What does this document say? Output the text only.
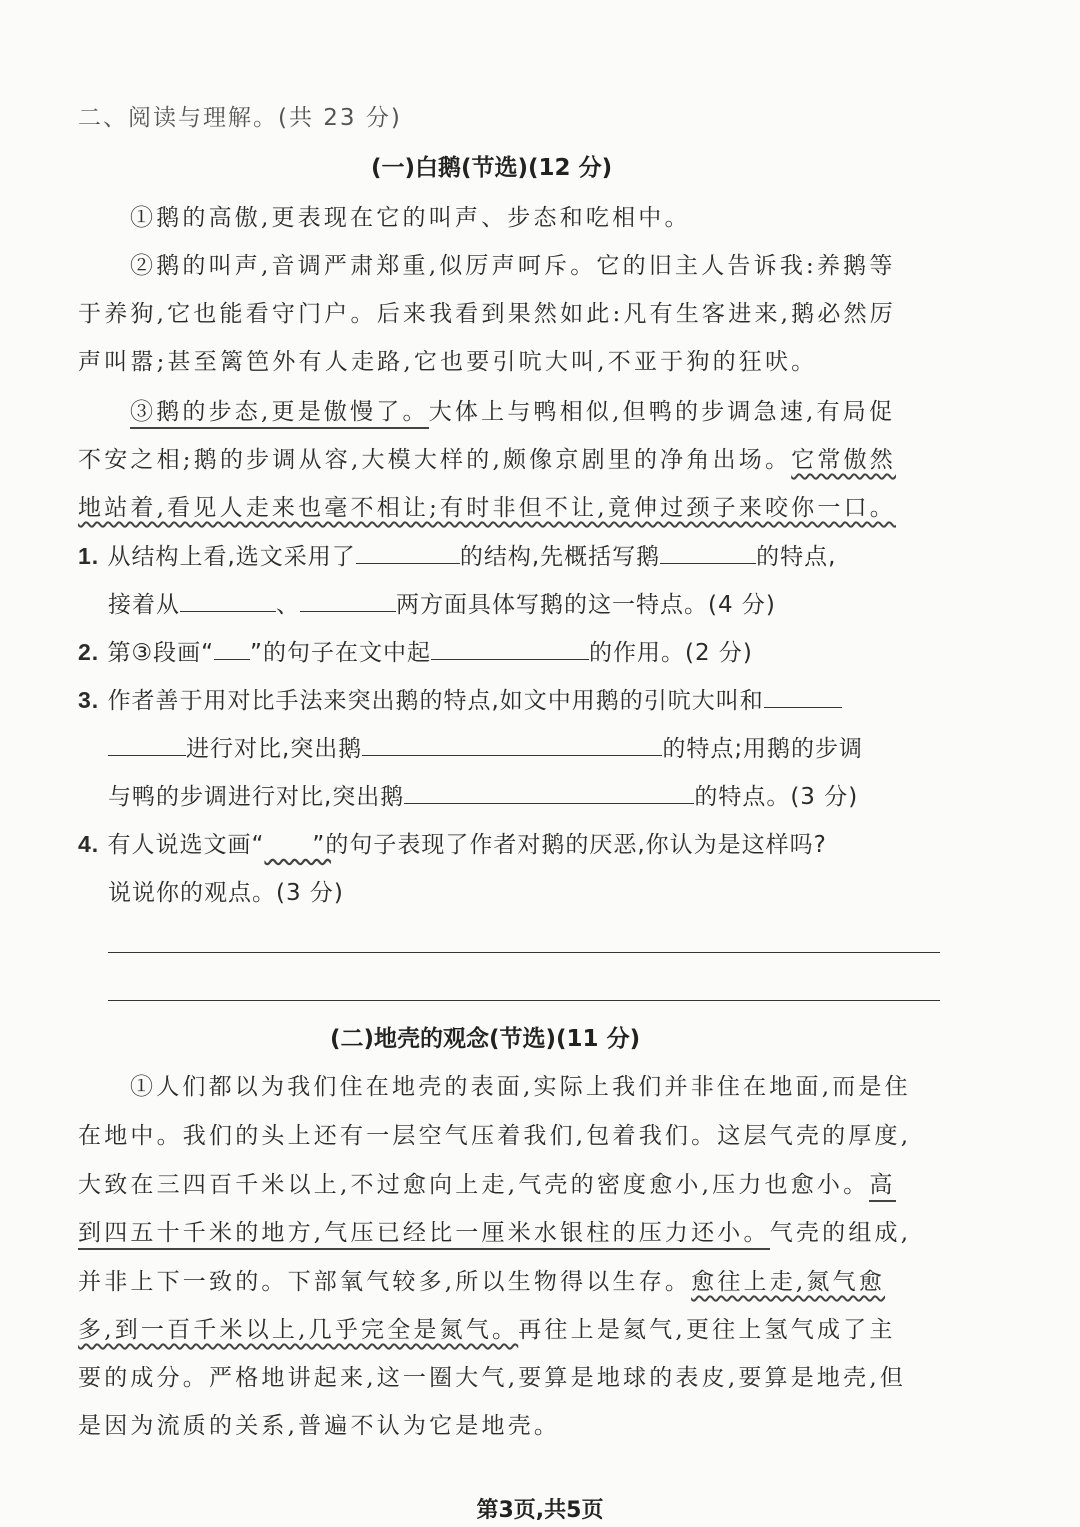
二、阅读与理解。(共 23 分)
(一)白鹅(节选)(12 分)
①鹅的高傲,更表现在它的叫声、步态和吃相中。
②鹅的叫声,音调严肃郑重,似厉声呵斥。它的旧主人告诉我:养鹅等
于养狗,它也能看守门户。后来我看到果然如此:凡有生客进来,鹅必然厉
声叫嚣;甚至篱笆外有人走路,它也要引吭大叫,不亚于狗的狂吠。
③鹅的步态,更是傲慢了。大体上与鸭相似,但鸭的步调急速,有局促
不安之相;鹅的步调从容,大模大样的,颇像京剧里的净角出场。它常傲然
地站着,看见人走来也毫不相让;有时非但不让,竟伸过颈子来咬你一口。
1. 从结构上看,选文采用了	的结构,先概括写鹅	的特点,
接着从	、	两方面具体写鹅的这一特点。(4 分)
2. 第③段画“ ”的句子在文中起	的作用。(2 分)
3. 作者善于用对比手法来突出鹅的特点,如文中用鹅的引吭大叫和
进行对比,突出鹅	的特点;用鹅的步调
与鸭的步调进行对比,突出鹅	的特点。(3 分)
4. 有人说选文画“ ”的句子表现了作者对鹅的厌恶,你认为是这样吗?
说说你的观点。(3 分)
(二)地壳的观念(节选)(11 分)
①人们都以为我们住在地壳的表面,实际上我们并非住在地面,而是住
在地中。我们的头上还有一层空气压着我们,包着我们。这层气壳的厚度,
大致在三四百千米以上,不过愈向上走,气壳的密度愈小,压力也愈小。高
到四五十千米的地方,气压已经比一厘米水银柱的压力还小。气壳的组成,
并非上下一致的。下部氧气较多,所以生物得以生存。愈往上走,氮气愈
多,到一百千米以上,几乎完全是氮气。再往上是氦气,更往上氢气成了主
要的成分。严格地讲起来,这一圈大气,要算是地球的表皮,要算是地壳,但
是因为流质的关系,普遍不认为它是地壳。
第3页,共5页
